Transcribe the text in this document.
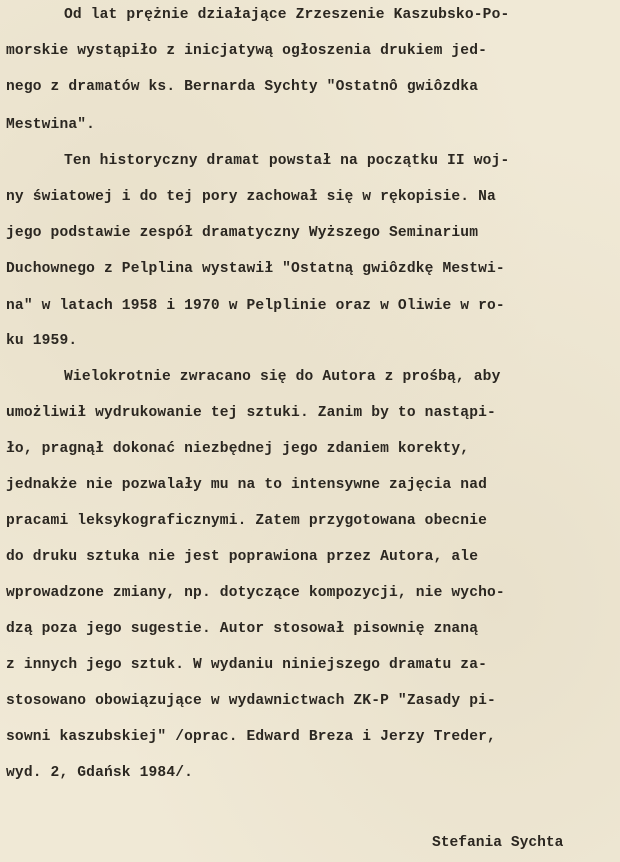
Od lat prężnie działające Zrzeszenie Kaszubsko-Po-
morskie wystąpiło z inicjatywą ogłoszenia drukiem jed-
nego z dramatów ks. Bernarda Sychty "Ostatnô gwiôzdka
Mestwina".
Ten historyczny dramat powstał na początku II woj-
ny światowej i do tej pory zachował się w rękopisie. Na
jego podstawie zespół dramatyczny Wyższego Seminarium
Duchownego z Pelplina wystawił "Ostatną gwiôzdkę Mestwi-
na" w latach 1958 i 1970 w Pelplinie oraz w Oliwie w ro-
ku 1959.
Wielokrotnie zwracano się do Autora z prośbą, aby
umożliwił wydrukowanie tej sztuki. Zanim by to nastąpi-
ło, pragnął dokonać niezbędnej jego zdaniem korekty,
jednakże nie pozwalały mu na to intensywne zajęcia nad
pracami leksykograficznymi. Zatem przygotowana obecnie
do druku sztuka nie jest poprawiona przez Autora, ale
wprowadzone zmiany, np. dotyczące kompozycji, nie wycho-
dzą poza jego sugestie. Autor stosował pisownię znaną
z innych jego sztuk. W wydaniu niniejszego dramatu za-
stosowano obowiązujące w wydawnictwach ZK-P "Zasady pi-
sowni kaszubskiej" /oprac. Edward Breza i Jerzy Treder,
wyd. 2, Gdańsk 1984/.
Stefania Sychta
